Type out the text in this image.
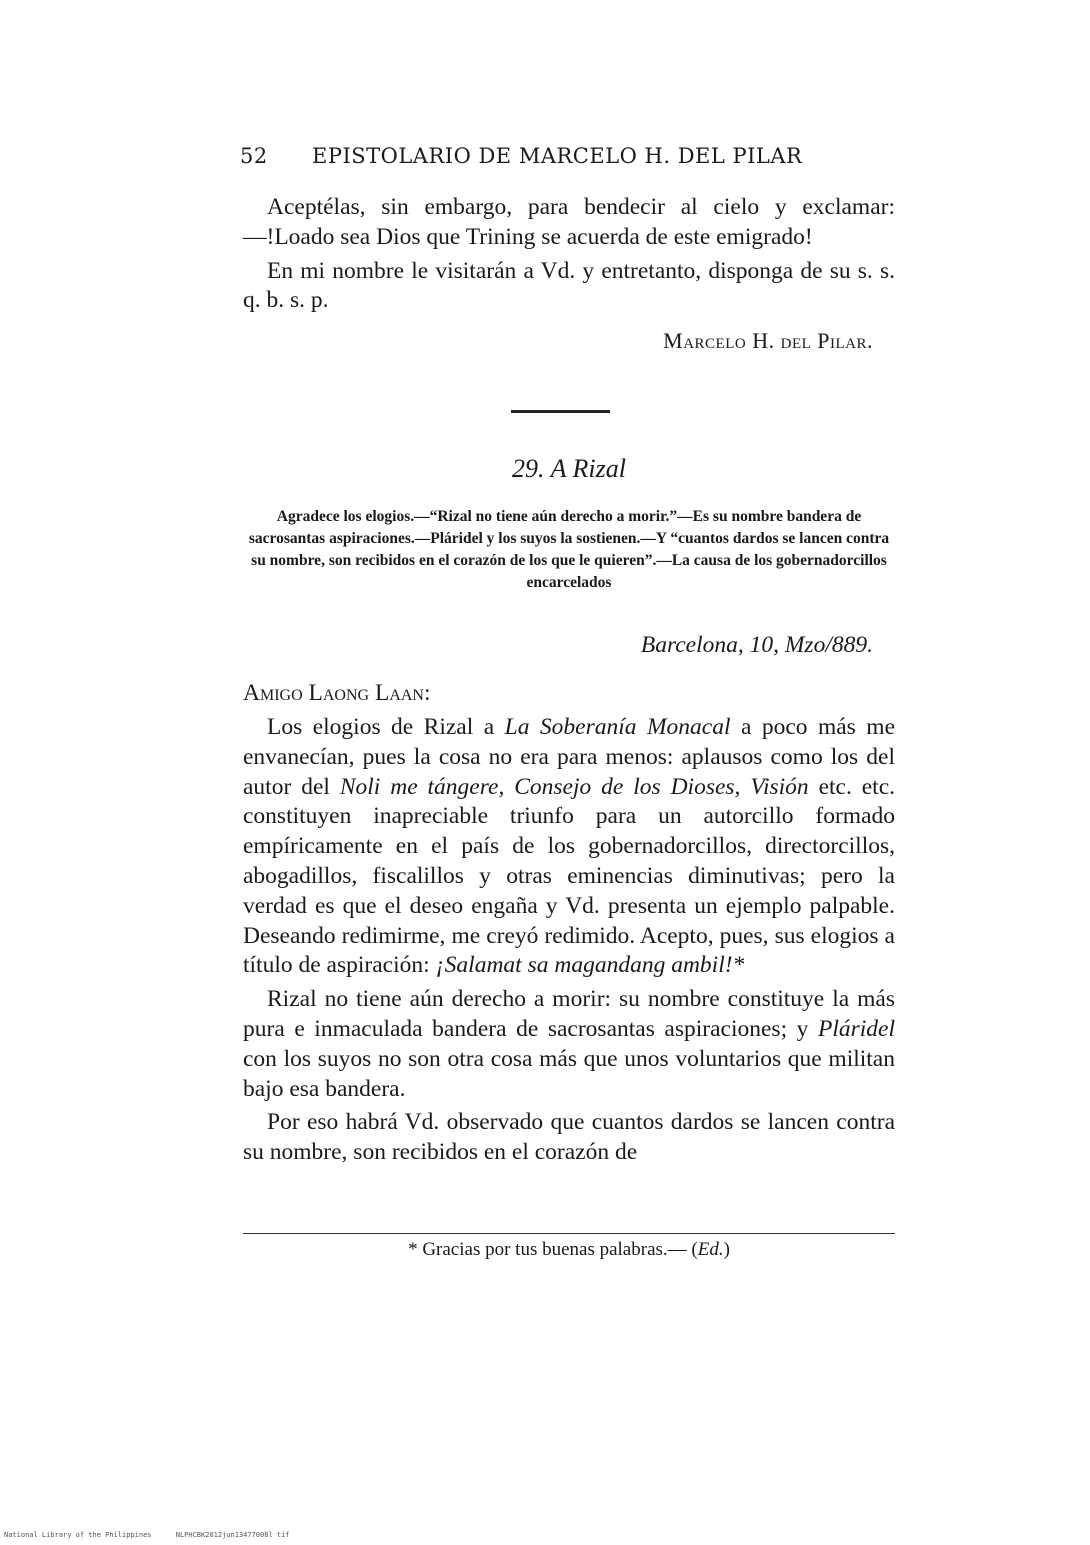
52	EPISTOLARIO DE MARCELO H. DEL PILAR

Aceptélas, sin embargo, para bendecir al cielo y exclamar: —!Loado sea Dios que Trining se acuerda de este emigrado!

En mi nombre le visitarán a Vd. y entretanto, disponga de su s. s. q. b. s. p.

Marcelo H. del Pilar.

29. A Rizal
Agradece los elogios.—“Rizal no tiene aún derecho a morir.”—Es su nombre bandera de sacrosantas aspiraciones.—Pláridel y los suyos la sostienen.—Y “cuantos dardos se lancen contra su nombre, son recibidos en el corazón de los que le quieren”.—La causa de los gobernadorcillos encarcelados
Barcelona, 10, Mzo/889.
Amigo Laong Laan:

Los elogios de Rizal a La Soberanía Monacal a poco más me envanecían, pues la cosa no era para menos: aplausos como los del autor del Noli me tángere, Consejo de los Dioses, Visión etc. etc. constituyen inapreciable triunfo para un autorcillo formado empíricamente en el país de los gobernadorcillos, directorcillos, abogadillos, fiscalillos y otras eminencias diminutivas; pero la verdad es que el deseo engaña y Vd. presenta un ejemplo palpable. Deseando redimirme, me creyó redimido. Acepto, pues, sus elogios a título de aspiración: ¡Salamat sa magandang ambil!*

Rizal no tiene aún derecho a morir: su nombre constituye la más pura e inmaculada bandera de sacrosantas aspiraciones; y Pláridel con los suyos no son otra cosa más que unos voluntarios que militan bajo esa bandera.

Por eso habrá Vd. observado que cuantos dardos se lancen contra su nombre, son recibidos en el corazón de

* Gracias por tus buenas palabras.— (Ed.)
National Library of the Philippines	NLPHCBK2012jun13477008l tif
